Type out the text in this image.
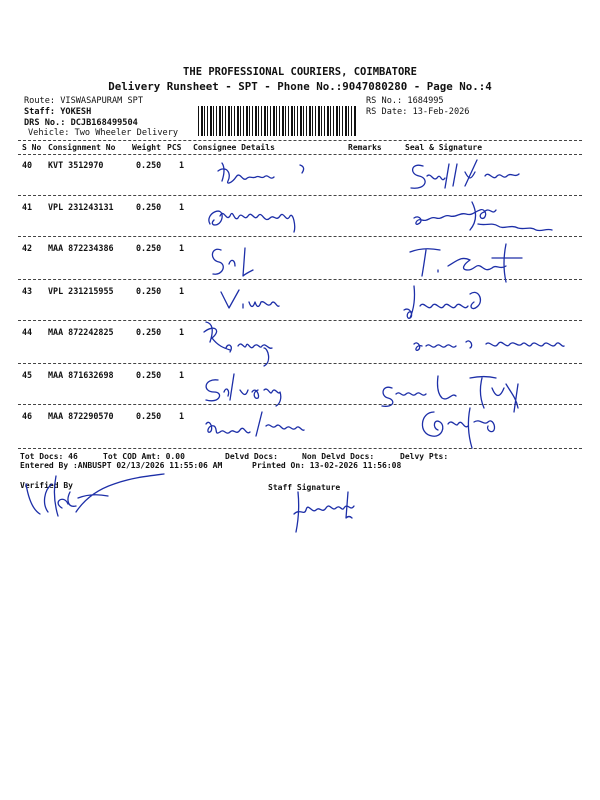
THE PROFESSIONAL COURIERS, COIMBATORE
Delivery Runsheet - SPT - Phone No.:9047080280 - Page No.:4
Route: VISWASAPURAM SPT
Staff: YOKESH
DRS No.: DCJB168499504
Vehicle: Two Wheeler Delivery
RS No.: 1684995
RS Date: 13-Feb-2026
S No Consignment No Weight PCS Consignee Details	Remarks	Seal & Signature
40 KVT 3512970	0.250 1
41 VPL 231243131	0.250 1
42 MAA 872234386	0.250 1
43 VPL 231215955	0.250 1
44 MAA 872242825	0.250 1
45 MAA 871632698	0.250 1
46 MAA 872290570	0.250 1
Tot Docs: 46	Tot COD Amt: 0.00	Delvd Docs:	Non Delvd Docs:	Delvy Pts:
Entered By :ANBUSPT 02/13/2026 11:55:06 AM	Printed On: 13-02-2026 11:56:08
Verified By	Staff Signature
